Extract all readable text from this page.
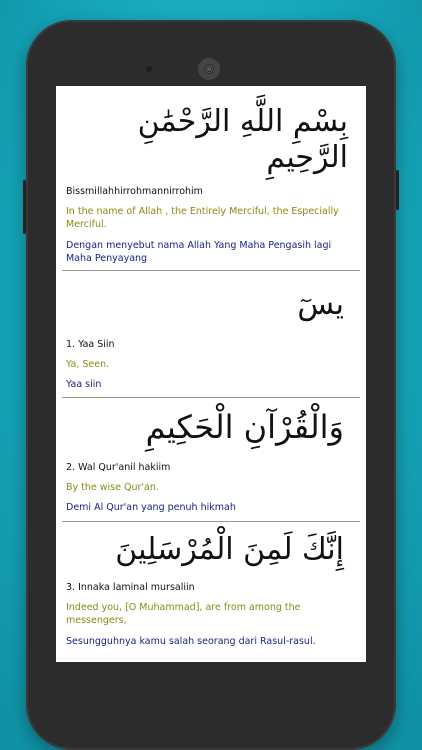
بِسْمِ اللَّهِ الرَّحْمَٰنِ الرَّحِيمِ

Bissmillahhirrohmannirrohim

In the name of Allah , the Entirely Merciful, the Especially Merciful.

Dengan menyebut nama Allah Yang Maha Pengasih lagi Maha Penyayang

يسٓ

1. Yaa Siin

Ya, Seen.

Yaa siin

وَالْقُرْآنِ الْحَكِيمِ

2. Wal Qur'anil hakiim

By the wise Qur'an.

Demi Al Qur'an yang penuh hikmah

إِنَّكَ لَمِنَ الْمُرْسَلِينَ

3. Innaka laminal mursaliin

Indeed you, [O Muhammad], are from among the messengers,

Sesungguhnya kamu salah seorang dari Rasul-rasul.
